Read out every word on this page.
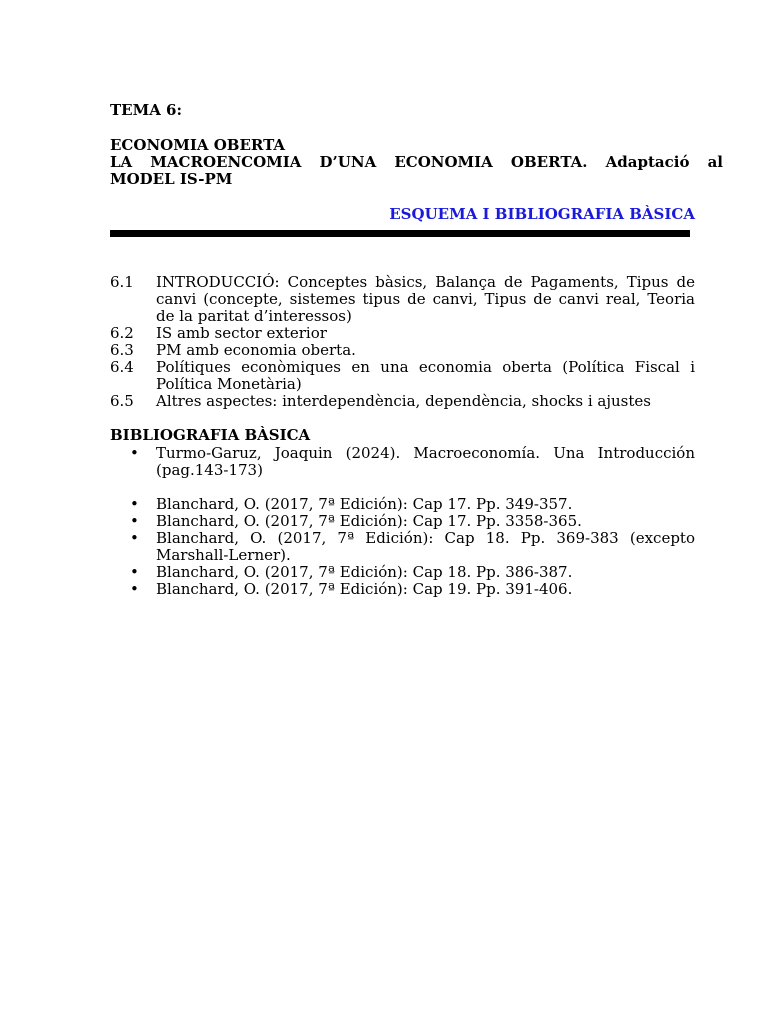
TEMA 6:
ECONOMIA OBERTA
LA MACROENCOMIA D’UNA ECONOMIA OBERTA. Adaptació al
MODEL IS-PM
ESQUEMA I BIBLIOGRAFIA BÀSICA
6.1	INTRODUCCIÓ: Conceptes bàsics, Balança de Pagaments, Tipus de canvi (concepte, sistemes tipus de canvi, Tipus de canvi real, Teoria de la paritat d’interessos)
6.2	IS amb sector exterior
6.3	PM amb economia oberta.
6.4	Polítiques econòmiques en una economia oberta (Política Fiscal i Política Monetària)
6.5	Altres aspectes: interdependència, dependència, shocks i ajustes
BIBLIOGRAFIA BÀSICA
•	Turmo-Garuz, Joaquin (2024). Macroeconomía. Una Introducción (pag.143-173)
•	Blanchard, O. (2017, 7ª Edición): Cap 17. Pp. 349-357.
•	Blanchard, O. (2017, 7ª Edición): Cap 17. Pp. 3358-365.
•	Blanchard, O. (2017, 7ª Edición): Cap 18. Pp. 369-383 (excepto Marshall-Lerner).
•	Blanchard, O. (2017, 7ª Edición): Cap 18. Pp. 386-387.
•	Blanchard, O. (2017, 7ª Edición): Cap 19. Pp. 391-406.
